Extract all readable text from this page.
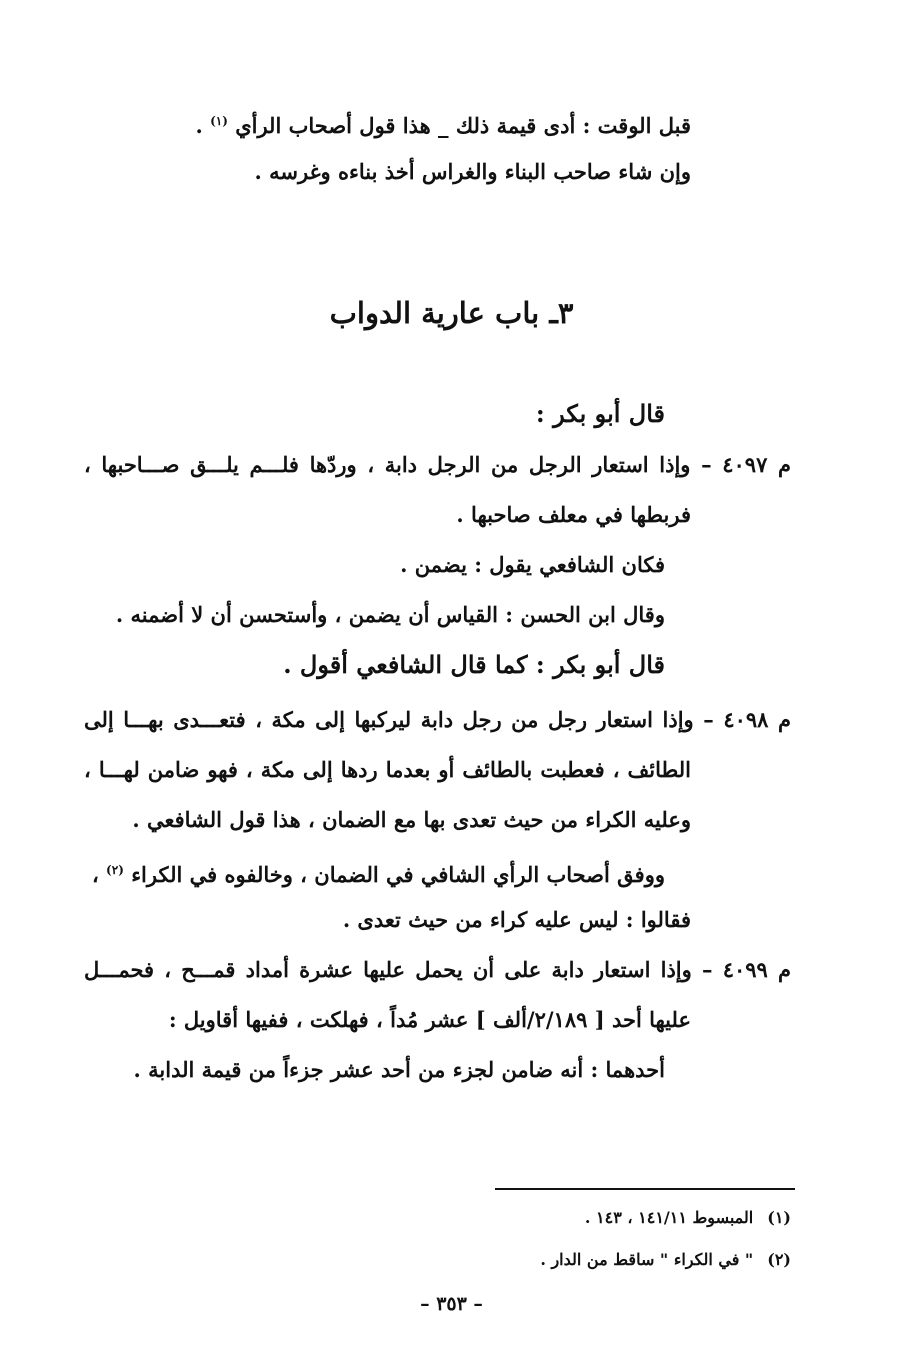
قبل الوقت : أدى قيمة ذلك _ هذا قول أصحاب الرأي $^{(١)}$ .
وإن شاء صاحب البناء والغراس أخذ بناءه وغرسه .
٣ـ باب عارية الدواب
قال أبو بكر :
م ٤٠٩٧ – وإذا استعار الرجل من الرجل دابة ، وردّها فلـــم يلـــق صـــاحبها ،
فربطها في معلف صاحبها .
فكان الشافعي يقول : يضمن .
وقال ابن الحسن : القياس أن يضمن ، وأستحسن أن لا أضمنه .
قال أبو بكر : كما قال الشافعي أقول .
م ٤٠٩٨ – وإذا استعار رجل من رجل دابة ليركبها إلى مكة ، فتعـــدى بهـــا إلى
الطائف ، فعطبت بالطائف أو بعدما ردها إلى مكة ، فهو ضامن لهـــا ،
وعليه الكراء من حيث تعدى بها مع الضمان ، هذا قول الشافعي .
ووفق أصحاب الرأي الشافي في الضمان ، وخالفوه في الكراء $^{(٢)}$ ،
فقالوا : ليس عليه كراء من حيث تعدى .
م ٤٠٩٩ – وإذا استعار دابة على أن يحمل عليها عشرة أمداد قمـــح ، فحمـــل
عليها أحد [ ٢/١٨٩/ألف ] عشر مُداً ، فهلكت ، ففيها أقاويل :
أحدهما : أنه ضامن لجزء من أحد عشر جزءاً من قيمة الدابة .
(١)المبسوط ١٤١/١١ ، ١٤٣ .
(٢)" في الكراء " ساقط من الدار .
– ٣٥٣ –
